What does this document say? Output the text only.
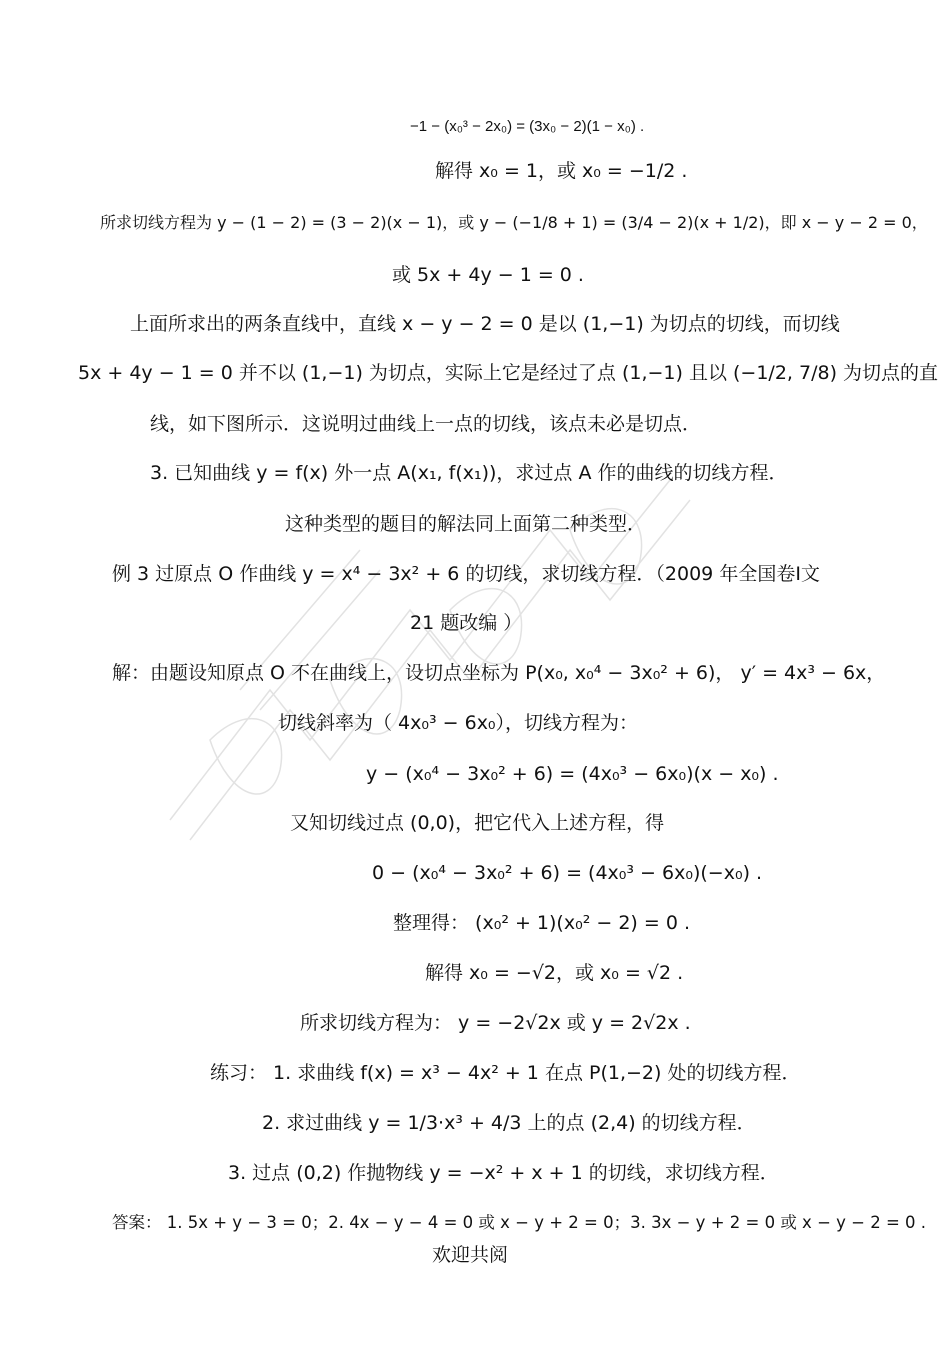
−1 − (x₀³ − 2x₀) = (3x₀ − 2)(1 − x₀) .
解得 x₀ = 1，或 x₀ = −1/2 .
所求切线方程为 y − (1 − 2) = (3 − 2)(x − 1)，或 y − (−1/8 + 1) = (3/4 − 2)(x + 1/2)，即 x − y − 2 = 0，
或 5x + 4y − 1 = 0 .
上面所求出的两条直线中，直线 x − y − 2 = 0 是以 (1,−1) 为切点的切线，而切线
5x + 4y − 1 = 0 并不以 (1,−1) 为切点，实际上它是经过了点 (1,−1) 且以 (−1/2, 7/8) 为切点的直
线，如下图所示．这说明过曲线上一点的切线，该点未必是切点．
3. 已知曲线 y = f(x) 外一点 A(x₁, f(x₁))，求过点 A 作的曲线的切线方程．
这种类型的题目的解法同上面第二种类型．
例 3 过原点 O 作曲线 y = x⁴ − 3x² + 6 的切线，求切线方程．（2009 年全国卷Ⅰ文
21 题改编 ）
解：由题设知原点 O 不在曲线上，设切点坐标为 P(x₀, x₀⁴ − 3x₀² + 6)， y′ = 4x³ − 6x，
切线斜率为（ 4x₀³ − 6x₀），切线方程为：
y − (x₀⁴ − 3x₀² + 6) = (4x₀³ − 6x₀)(x − x₀) .
又知切线过点 (0,0)，把它代入上述方程，得
0 − (x₀⁴ − 3x₀² + 6) = (4x₀³ − 6x₀)(−x₀) .
整理得： (x₀² + 1)(x₀² − 2) = 0 .
解得 x₀ = −√2，或 x₀ = √2 .
所求切线方程为： y = −2√2x 或 y = 2√2x .
练习： 1. 求曲线 f(x) = x³ − 4x² + 1 在点 P(1,−2) 处的切线方程．
2. 求过曲线 y = 1/3·x³ + 4/3 上的点 (2,4) 的切线方程．
3. 过点 (0,2) 作抛物线 y = −x² + x + 1 的切线，求切线方程．
答案： 1. 5x + y − 3 = 0；2. 4x − y − 4 = 0 或 x − y + 2 = 0；3. 3x − y + 2 = 0 或 x − y − 2 = 0 .
欢迎共阅
